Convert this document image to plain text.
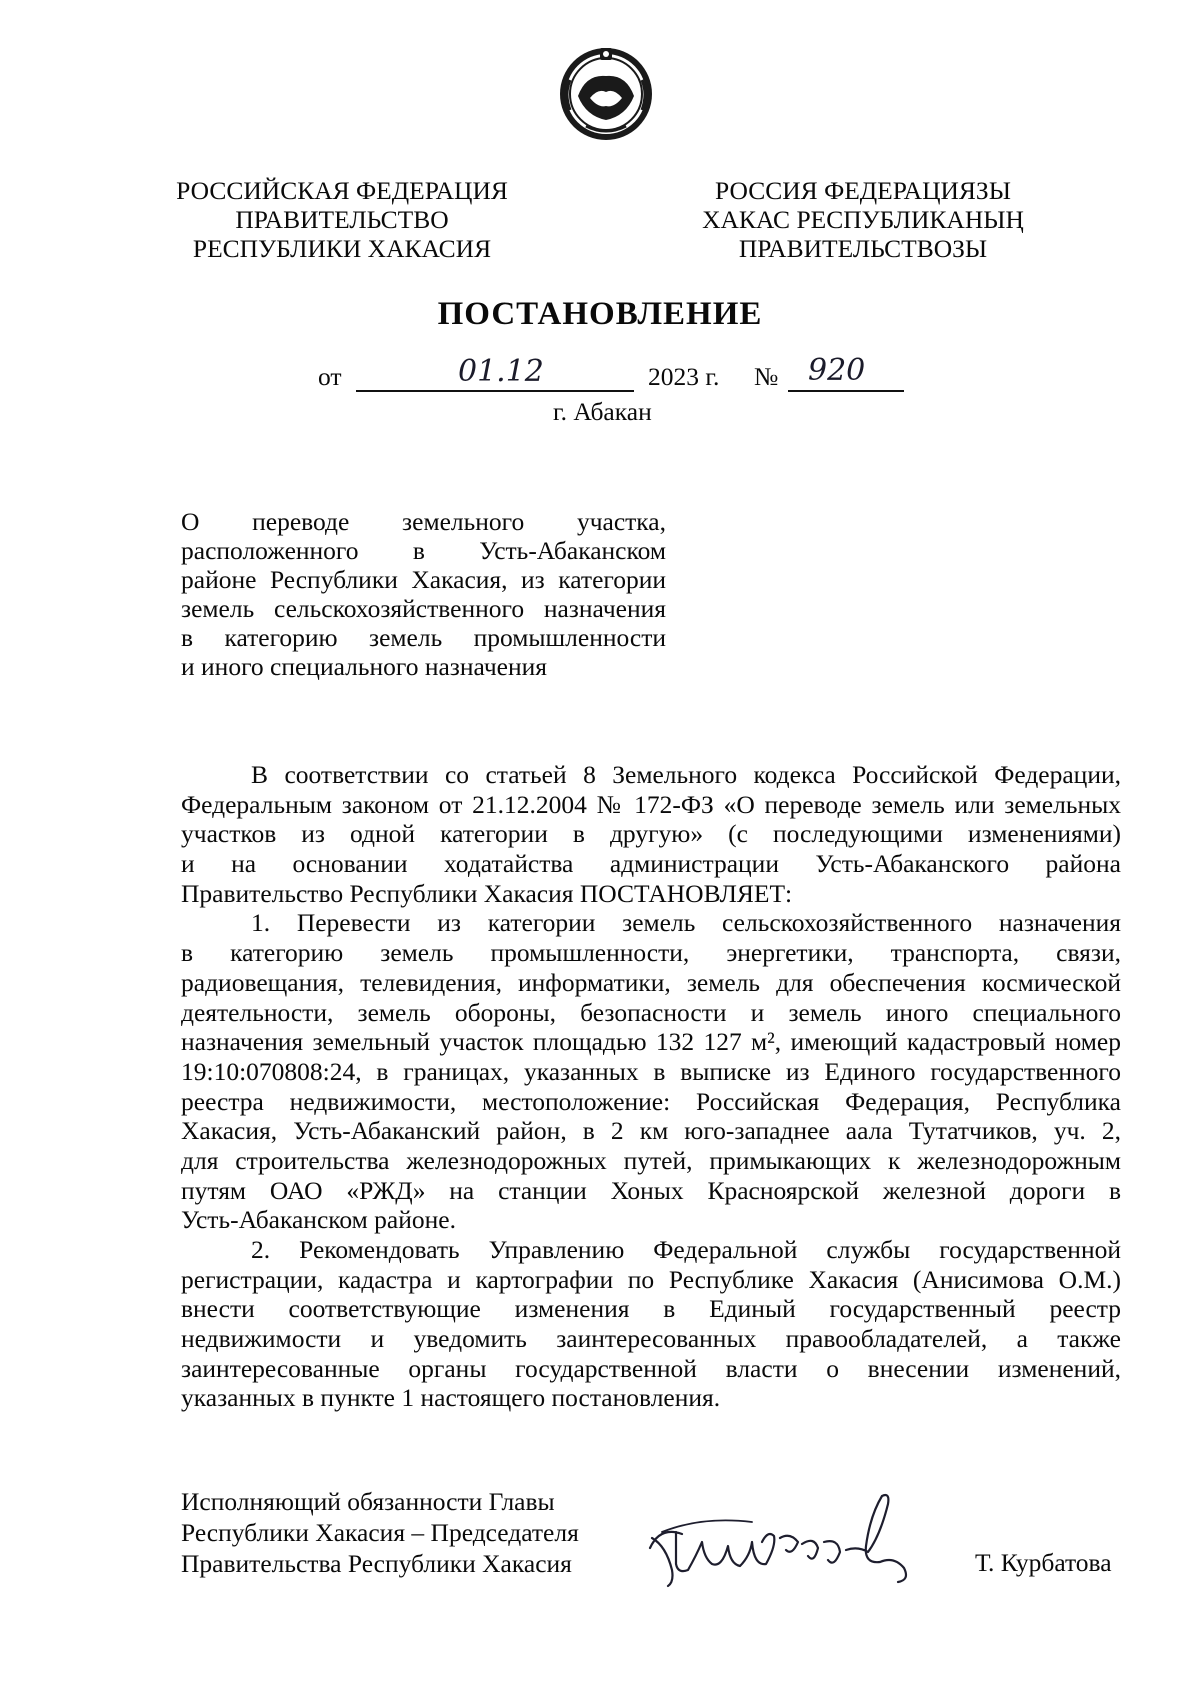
РОССИЙСКАЯ ФЕДЕРАЦИЯ
ПРАВИТЕЛЬСТВО
РЕСПУБЛИКИ ХАКАСИЯ
РОССИЯ ФЕДЕРАЦИЯЗЫ
ХАКАС РЕСПУБЛИКАНЫҢ
ПРАВИТЕЛЬСТВОЗЫ
ПОСТАНОВЛЕНИЕ
от	01.12	2023 г. № 920
г. Абакан
О переводе земельного участка,
расположенного в Усть-Абаканском
районе Республики Хакасия, из категории
земель сельскохозяйственного назначения
в категорию земель промышленности
и иного специального назначения
В соответствии со статьей 8 Земельного кодекса Российской Федерации,
Федеральным законом от 21.12.2004 № 172-ФЗ «О переводе земель или земельных
участков из одной категории в другую» (с последующими изменениями)
и на основании ходатайства администрации Усть-Абаканского района
Правительство Республики Хакасия ПОСТАНОВЛЯЕТ:
1. Перевести из категории земель сельскохозяйственного назначения
в категорию земель промышленности, энергетики, транспорта, связи,
радиовещания, телевидения, информатики, земель для обеспечения космической
деятельности, земель обороны, безопасности и земель иного специального
назначения земельный участок площадью 132 127 м², имеющий кадастровый номер
19:10:070808:24, в границах, указанных в выписке из Единого государственного
реестра недвижимости, местоположение: Российская Федерация, Республика
Хакасия, Усть-Абаканский район, в 2 км юго-западнее аала Тутатчиков, уч. 2,
для строительства железнодорожных путей, примыкающих к железнодорожным
путям ОАО «РЖД» на станции Хоных Красноярской железной дороги в
Усть-Абаканском районе.
2. Рекомендовать Управлению Федеральной службы государственной
регистрации, кадастра и картографии по Республике Хакасия (Анисимова О.М.)
внести соответствующие изменения в Единый государственный реестр
недвижимости и уведомить заинтересованных правообладателей, а также
заинтересованные органы государственной власти о внесении изменений,
указанных в пункте 1 настоящего постановления.
Исполняющий обязанности Главы
Республики Хакасия – Председателя
Правительства Республики Хакасия	Т. Курбатова
